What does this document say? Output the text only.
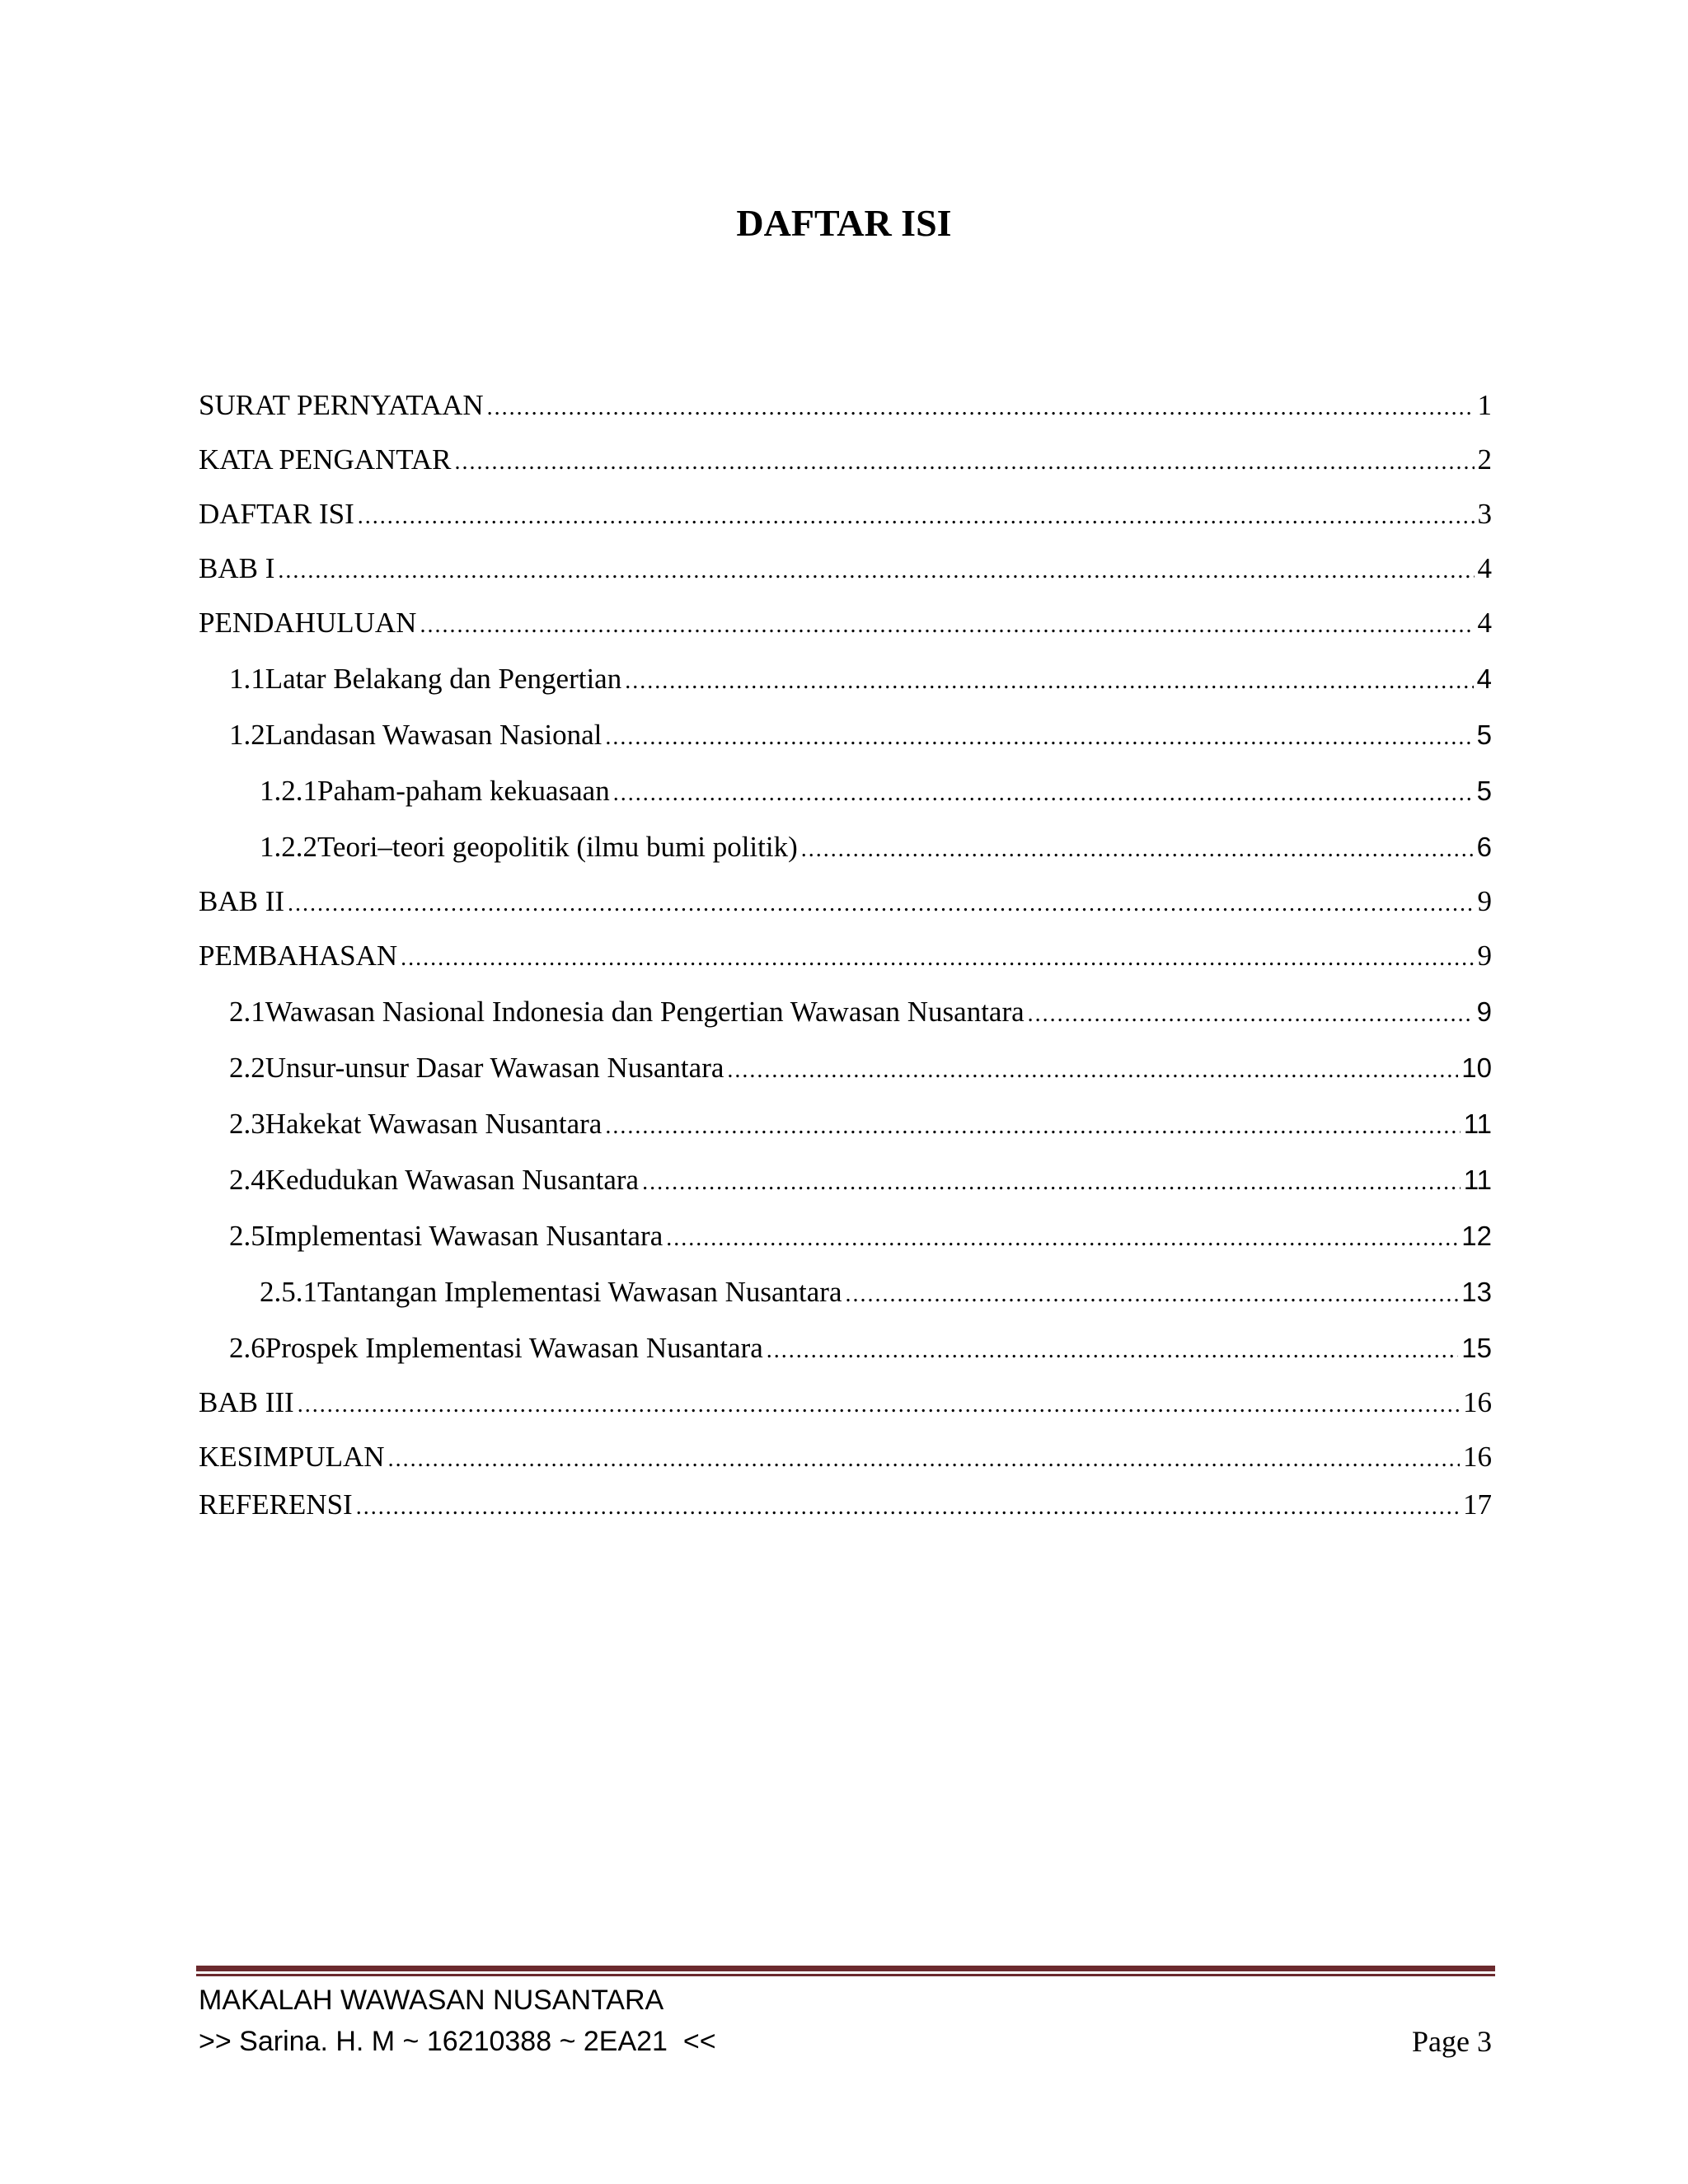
DAFTAR ISI
SURAT PERNYATAAN .....	1
KATA PENGANTAR .....	2
DAFTAR ISI .....	3
BAB I .....	4
PENDAHULUAN .....	4
1.1 Latar Belakang dan Pengertian .....	4
1.2 Landasan Wawasan Nasional .....	5
1.2.1 Paham-paham kekuasaan .....	5
1.2.2 Teori–teori geopolitik (ilmu bumi politik) .....	6
BAB II .....	9
PEMBAHASAN .....	9
2.1 Wawasan Nasional Indonesia dan Pengertian Wawasan Nusantara .....	9
2.2 Unsur-unsur Dasar Wawasan Nusantara .....	10
2.3 Hakekat Wawasan Nusantara .....	11
2.4 Kedudukan Wawasan Nusantara .....	11
2.5 Implementasi Wawasan Nusantara .....	12
2.5.1 Tantangan Implementasi Wawasan Nusantara .....	13
2.6 Prospek Implementasi Wawasan Nusantara .....	15
BAB III .....	16
KESIMPULAN .....	16
REFERENSI .....	17
MAKALAH WAWASAN NUSANTARA
>> Sarina. H. M ~ 16210388 ~ 2EA21  <<	Page 3
